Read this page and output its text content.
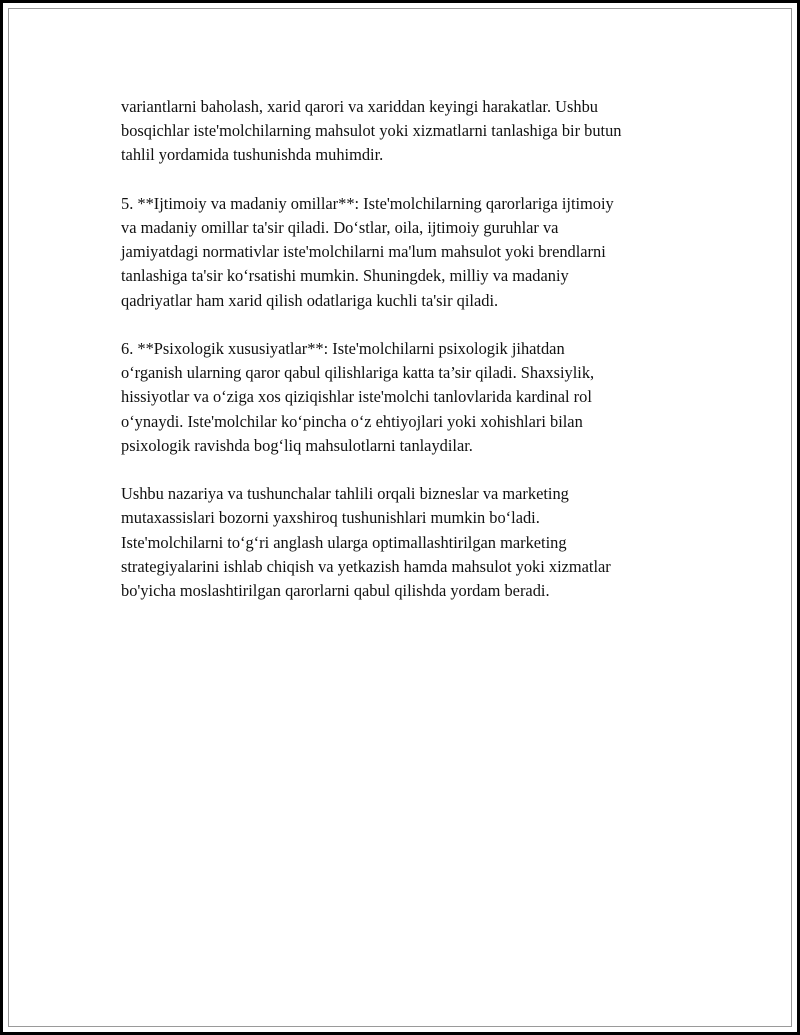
variantlarni baholash, xarid qarori va xariddan keyingi harakatlar. Ushbu
bosqichlar iste'molchilarning mahsulot yoki xizmatlarni tanlashiga bir butun
tahlil yordamida tushunishda muhimdir.

5. **Ijtimoiy va madaniy omillar**: Iste'molchilarning qarorlariga ijtimoiy
va madaniy omillar ta'sir qiladi. Do‘stlar, oila, ijtimoiy guruhlar va
jamiyatdagi normativlar iste'molchilarni ma'lum mahsulot yoki brendlarni
tanlashiga ta'sir ko‘rsatishi mumkin. Shuningdek, milliy va madaniy
qadriyatlar ham xarid qilish odatlariga kuchli ta'sir qiladi.

6. **Psixologik xususiyatlar**: Iste'molchilarni psixologik jihatdan
o‘rganish ularning qaror qabul qilishlariga katta ta’sir qiladi. Shaxsiylik,
hissiyotlar va o‘ziga xos qiziqishlar iste'molchi tanlovlarida kardinal rol
o‘ynaydi. Iste'molchilar ko‘pincha o‘z ehtiyojlari yoki xohishlari bilan
psixologik ravishda bog‘liq mahsulotlarni tanlaydilar.

Ushbu nazariya va tushunchalar tahlili orqali bizneslar va marketing
mutaxassislari bozorni yaxshiroq tushunishlari mumkin bo‘ladi.
Iste'molchilarni to‘g‘ri anglash ularga optimallashtirilgan marketing
strategiyalarini ishlab chiqish va yetkazish hamda mahsulot yoki xizmatlar
bo'yicha moslashtirilgan qarorlarni qabul qilishda yordam beradi.
